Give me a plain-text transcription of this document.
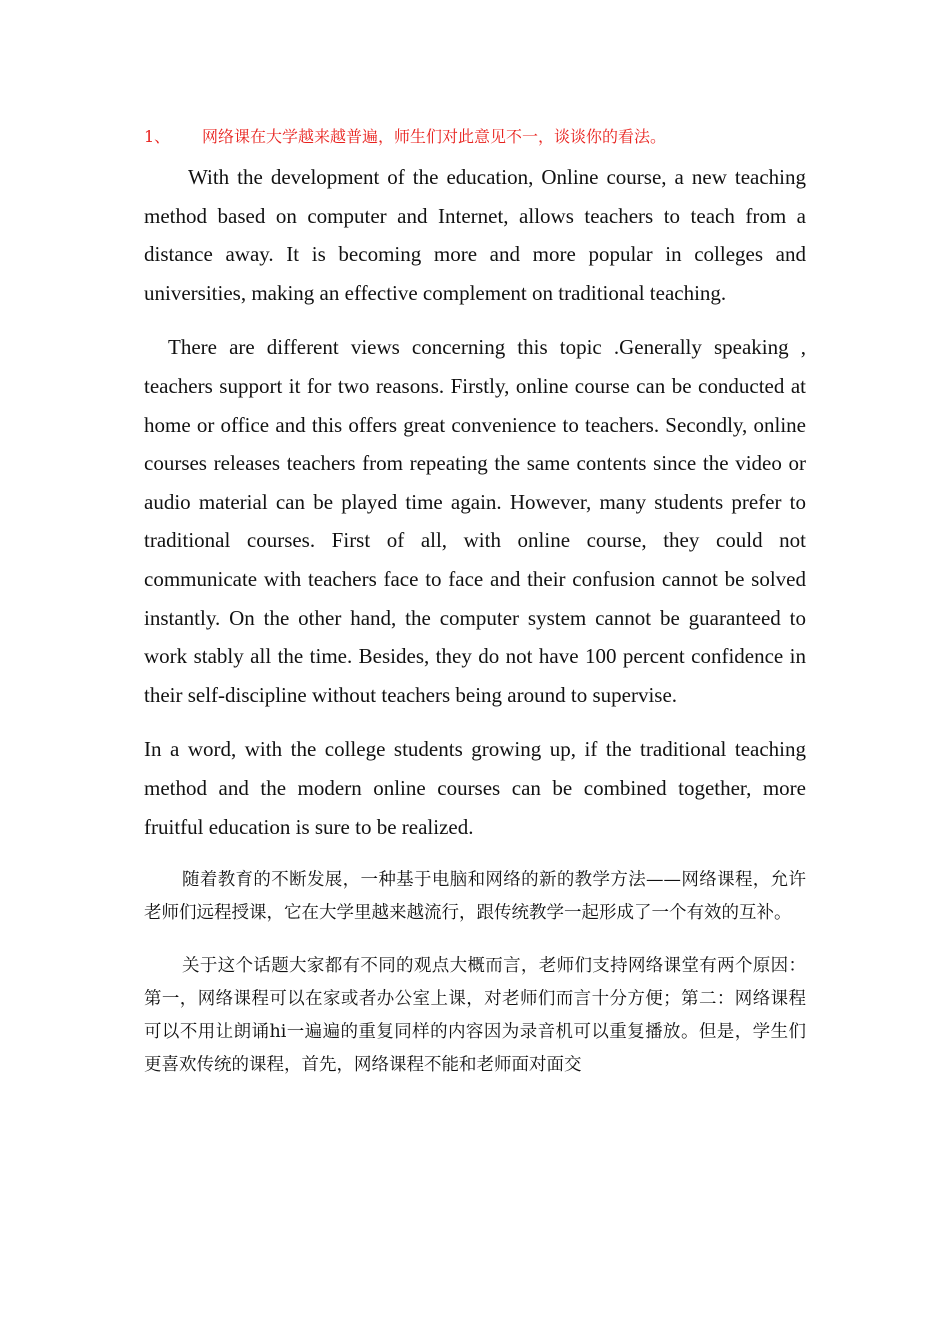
1、 网络课在大学越来越普遍，师生们对此意见不一，谈谈你的看法。

With the development of the education, Online course, a new teaching method based on computer and Internet, allows teachers to teach from a distance away. It is becoming more and more popular in colleges and universities, making an effective complement on traditional teaching.

There are different views concerning this topic .Generally speaking , teachers support it for two reasons. Firstly, online course can be conducted at home or office and this offers great convenience to teachers. Secondly, online courses releases teachers from repeating the same contents since the video or audio material can be played time again. However, many students prefer to traditional courses. First of all, with online course, they could not communicate with teachers face to face and their confusion cannot be solved instantly. On the other hand, the computer system cannot be guaranteed to work stably all the time. Besides, they do not have 100 percent confidence in their self-discipline without teachers being around to supervise.

In a word, with the college students growing up, if the traditional teaching method and the modern online courses can be combined together, more fruitful education is sure to be realized.

随着教育的不断发展，一种基于电脑和网络的新的教学方法——网络课程，允许老师们远程授课，它在大学里越来越流行，跟传统教学一起形成了一个有效的互补。

关于这个话题大家都有不同的观点大概而言，老师们支持网络课堂有两个原因：第一，网络课程可以在家或者办公室上课，对老师们而言十分方便；第二：网络课程可以不用让朗诵hi一遍遍的重复同样的内容因为录音机可以重复播放。但是，学生们更喜欢传统的课程，首先，网络课程不能和老师面对面交
